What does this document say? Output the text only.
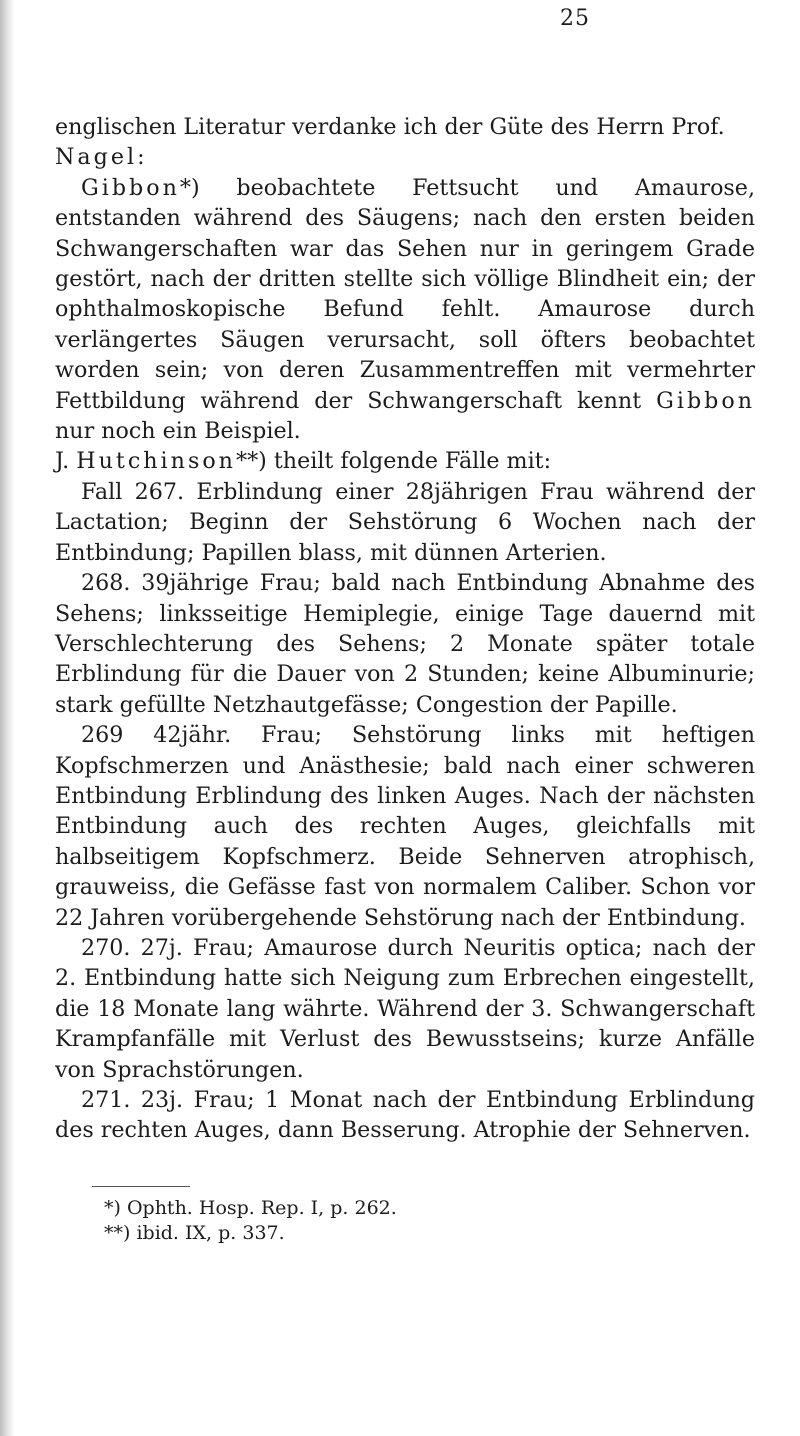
25

englischen Literatur verdanke ich der Güte des Herrn Prof.
Nagel:

Gibbon*) beobachtete Fettsucht und Amaurose, entstanden während des Säugens; nach den ersten beiden Schwangerschaften war das Sehen nur in geringem Grade gestört, nach der dritten stellte sich völlige Blindheit ein; der ophthalmoskopische Befund fehlt. Amaurose durch verlängertes Säugen verursacht, soll öfters beobachtet worden sein; von deren Zusammentreffen mit vermehrter Fettbildung während der Schwangerschaft kennt Gibbon nur noch ein Beispiel.

J. Hutchinson**) theilt folgende Fälle mit:

Fall 267. Erblindung einer 28jährigen Frau während der Lactation; Beginn der Sehstörung 6 Wochen nach der Entbindung; Papillen blass, mit dünnen Arterien.

268. 39jährige Frau; bald nach Entbindung Abnahme des Sehens; linksseitige Hemiplegie, einige Tage dauernd mit Verschlechterung des Sehens; 2 Monate später totale Erblindung für die Dauer von 2 Stunden; keine Albuminurie; stark gefüllte Netzhautgefässe; Congestion der Papille.

269 42jähr. Frau; Sehstörung links mit heftigen Kopfschmerzen und Anästhesie; bald nach einer schweren Entbindung Erblindung des linken Auges. Nach der nächsten Entbindung auch des rechten Auges, gleichfalls mit halbseitigem Kopfschmerz. Beide Sehnerven atrophisch, grauweiss, die Gefässe fast von normalem Caliber. Schon vor 22 Jahren vorübergehende Sehstörung nach der Entbindung.

270. 27j. Frau; Amaurose durch Neuritis optica; nach der 2. Entbindung hatte sich Neigung zum Erbrechen eingestellt, die 18 Monate lang währte. Während der 3. Schwangerschaft Krampfanfälle mit Verlust des Bewusstseins; kurze Anfälle von Sprachstörungen.

271. 23j. Frau; 1 Monat nach der Entbindung Erblindung des rechten Auges, dann Besserung. Atrophie der Sehnerven.

*) Ophth. Hosp. Rep. I, p. 262.

**) ibid. IX, p. 337.
